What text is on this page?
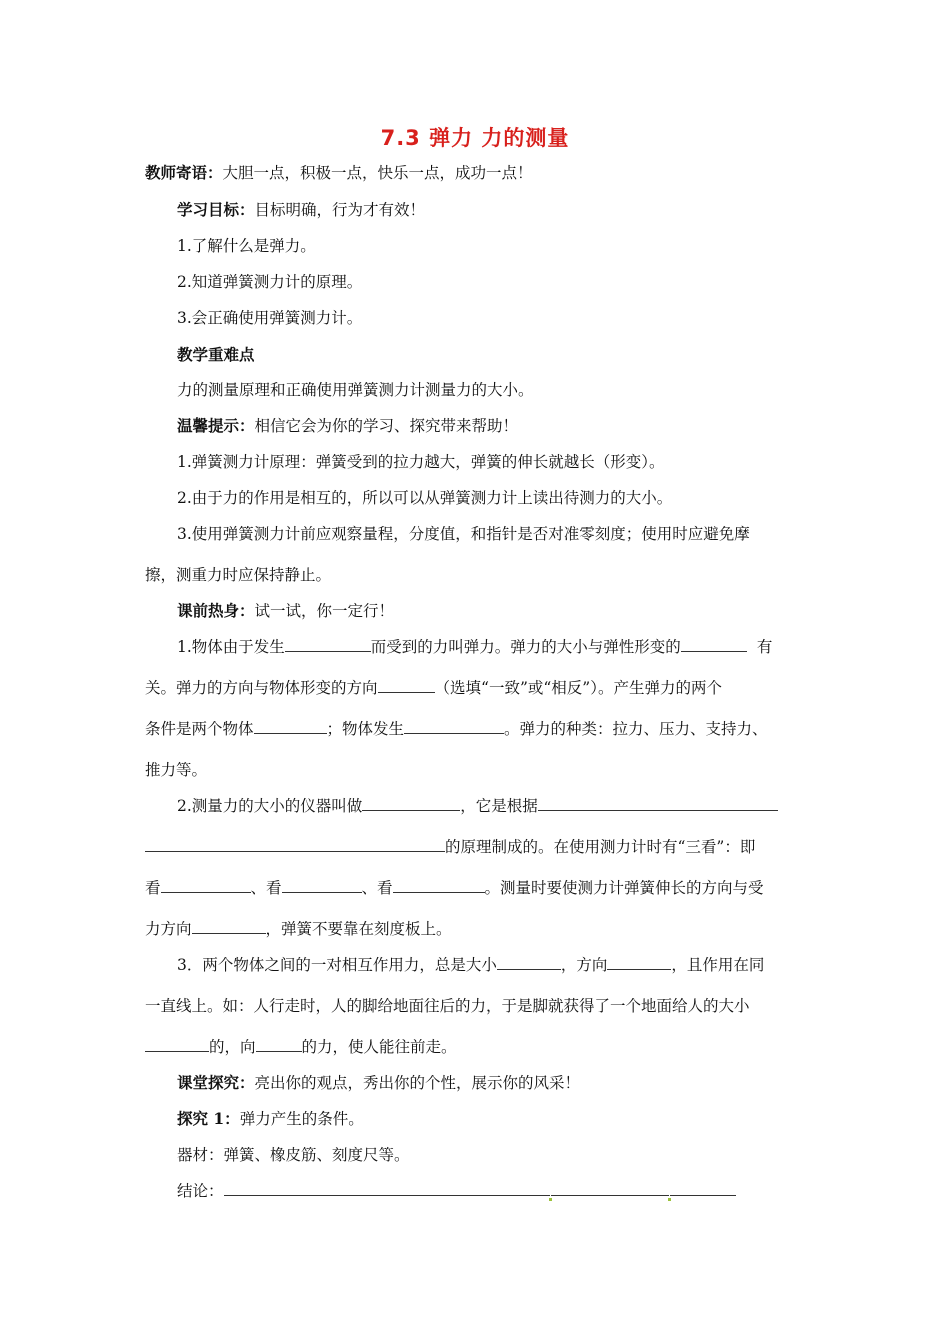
7.3 弹力 力的测量
教师寄语：大胆一点，积极一点，快乐一点，成功一点！
学习目标：目标明确，行为才有效！
1.了解什么是弹力。
2.知道弹簧测力计的原理。
3.会正确使用弹簧测力计。
教学重难点
力的测量原理和正确使用弹簧测力计测量力的大小。
温馨提示：相信它会为你的学习、探究带来帮助！
1.弹簧测力计原理：弹簧受到的拉力越大，弹簧的伸长就越长（形变）。
2.由于力的作用是相互的，所以可以从弹簧测力计上读出待测力的大小。
3.使用弹簧测力计前应观察量程，分度值，和指针是否对准零刻度；使用时应避免摩
擦，测重力时应保持静止。
课前热身：试一试，你一定行！
1.物体由于发生	而受到的力叫弹力。弹力的大小与弹性形变的	有
关。弹力的方向与物体形变的方向	（选填“一致”或“相反”）。产生弹力的两个
条件是两个物体	；物体发生	。弹力的种类：拉力、压力、支持力、
推力等。
2.测量力的大小的仪器叫做	，它是根据
的原理制成的。在使用测力计时有“三看”：即
看	、看	、看	。测量时要使测力计弹簧伸长的方向与受
力方向	，弹簧不要靠在刻度板上。
3．两个物体之间的一对相互作用力，总是大小	，方向	，且作用在同
一直线上。如：人行走时，人的脚给地面往后的力，于是脚就获得了一个地面给人的大小
的，向	的力，使人能往前走。
课堂探究：亮出你的观点，秀出你的个性，展示你的风采！
探究 1：弹力产生的条件。
器材：弹簧、橡皮筋、刻度尺等。
结论：
